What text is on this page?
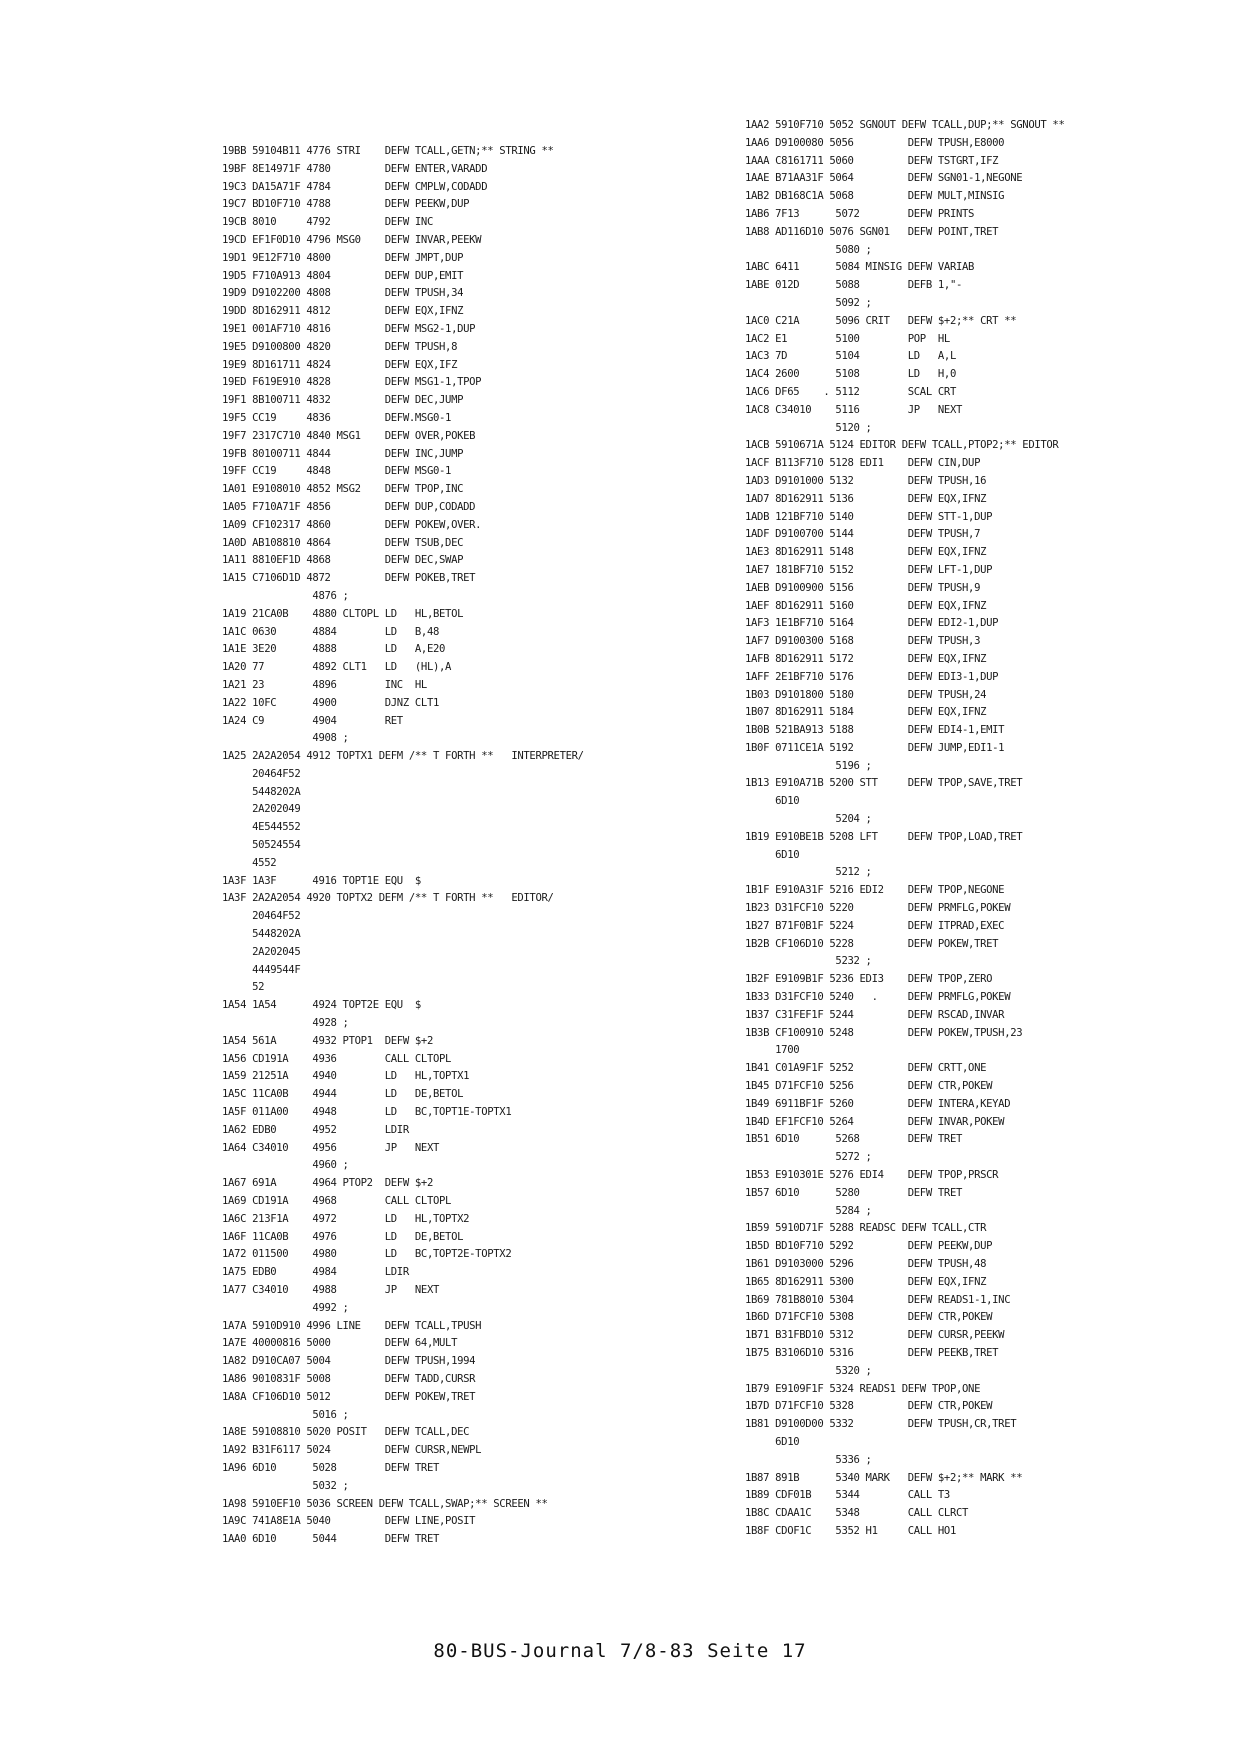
19BB 59104B11 4776 STRI    DEFW TCALL,GETN;** STRING **
19BF 8E14971F 4780         DEFW ENTER,VARADD
19C3 DA15A71F 4784         DEFW CMPLW,CODADD
19C7 BD10F710 4788         DEFW PEEKW,DUP
19CB 8010     4792         DEFW INC
19CD EF1F0D10 4796 MSG0    DEFW INVAR,PEEKW
19D1 9E12F710 4800         DEFW JMPT,DUP
19D5 F710A913 4804         DEFW DUP,EMIT
19D9 D9102200 4808         DEFW TPUSH,34
19DD 8D162911 4812         DEFW EQX,IFNZ
19E1 001AF710 4816         DEFW MSG2-1,DUP
19E5 D9100800 4820         DEFW TPUSH,8
19E9 8D161711 4824         DEFW EQX,IFZ
19ED F619E910 4828         DEFW MSG1-1,TPOP
19F1 8B100711 4832         DEFW DEC,JUMP
19F5 CC19     4836         DEFW.MSG0-1
19F7 2317C710 4840 MSG1    DEFW OVER,POKEB
19FB 80100711 4844         DEFW INC,JUMP
19FF CC19     4848         DEFW MSG0-1
1A01 E9108010 4852 MSG2    DEFW TPOP,INC
1A05 F710A71F 4856         DEFW DUP,CODADD
1A09 CF102317 4860         DEFW POKEW,OVER.
1A0D AB108810 4864         DEFW TSUB,DEC
1A11 8810EF1D 4868         DEFW DEC,SWAP
1A15 C7106D1D 4872         DEFW POKEB,TRET
4876 ;
1A19 21CA0B    4880 CLTOPL LD   HL,BETOL
1A1C 0630      4884        LD   B,48
1A1E 3E20      4888        LD   A,E20
1A20 77        4892 CLT1   LD   (HL),A
1A21 23        4896        INC  HL
1A22 10FC      4900        DJNZ CLT1
1A24 C9        4904        RET
4908 ;
1A25 2A2A2054 4912 TOPTX1 DEFM /** T FORTH **   INTERPRETER/
20464F52
5448202A
2A202049
4E544552
50524554
4552
1A3F 1A3F      4916 TOPT1E EQU  $
1A3F 2A2A2054 4920 TOPTX2 DEFM /** T FORTH **   EDITOR/
20464F52
5448202A
2A202045
4449544F
52
1A54 1A54      4924 TOPT2E EQU  $
4928 ;
1A54 561A      4932 PTOP1  DEFW $+2
1A56 CD191A    4936        CALL CLTOPL
1A59 21251A    4940        LD   HL,TOPTX1
1A5C 11CA0B    4944        LD   DE,BETOL
1A5F 011A00    4948        LD   BC,TOPT1E-TOPTX1
1A62 EDB0      4952        LDIR
1A64 C34010    4956        JP   NEXT
4960 ;
1A67 691A      4964 PTOP2  DEFW $+2
1A69 CD191A    4968        CALL CLTOPL
1A6C 213F1A    4972        LD   HL,TOPTX2
1A6F 11CA0B    4976        LD   DE,BETOL
1A72 011500    4980        LD   BC,TOPT2E-TOPTX2
1A75 EDB0      4984        LDIR
1A77 C34010    4988        JP   NEXT
4992 ;
1A7A 5910D910 4996 LINE    DEFW TCALL,TPUSH
1A7E 40000816 5000         DEFW 64,MULT
1A82 D910CA07 5004         DEFW TPUSH,1994
1A86 9010831F 5008         DEFW TADD,CURSR
1A8A CF106D10 5012         DEFW POKEW,TRET
5016 ;
1A8E 59108810 5020 POSIT   DEFW TCALL,DEC
1A92 B31F6117 5024         DEFW CURSR,NEWPL
1A96 6D10      5028        DEFW TRET
5032 ;
1A98 5910EF10 5036 SCREEN DEFW TCALL,SWAP;** SCREEN **
1A9C 741A8E1A 5040         DEFW LINE,POSIT
1AA0 6D10      5044        DEFW TRET
1AA2 5910F710 5052 SGNOUT DEFW TCALL,DUP;** SGNOUT **
1AA6 D9100080 5056         DEFW TPUSH,E8000
1AAA C8161711 5060         DEFW TSTGRT,IFZ
1AAE B71AA31F 5064         DEFW SGN01-1,NEGONE
1AB2 DB168C1A 5068         DEFW MULT,MINSIG
1AB6 7F13      5072        DEFW PRINTS
1AB8 AD116D10 5076 SGN01   DEFW POINT,TRET
5080 ;
1ABC 6411      5084 MINSIG DEFW VARIAB
1ABE 012D      5088        DEFB 1,"-
5092 ;
1AC0 C21A      5096 CRIT   DEFW $+2;** CRT **
1AC2 E1        5100        POP  HL
1AC3 7D        5104        LD   A,L
1AC4 2600      5108        LD   H,0
1AC6 DF65    . 5112        SCAL CRT
1AC8 C34010    5116        JP   NEXT
5120 ;
1ACB 5910671A 5124 EDITOR DEFW TCALL,PTOP2;** EDITOR
1ACF B113F710 5128 EDI1    DEFW CIN,DUP
1AD3 D9101000 5132         DEFW TPUSH,16
1AD7 8D162911 5136         DEFW EQX,IFNZ
1ADB 121BF710 5140         DEFW STT-1,DUP
1ADF D9100700 5144         DEFW TPUSH,7
1AE3 8D162911 5148         DEFW EQX,IFNZ
1AE7 181BF710 5152         DEFW LFT-1,DUP
1AEB D9100900 5156         DEFW TPUSH,9
1AEF 8D162911 5160         DEFW EQX,IFNZ
1AF3 1E1BF710 5164         DEFW EDI2-1,DUP
1AF7 D9100300 5168         DEFW TPUSH,3
1AFB 8D162911 5172         DEFW EQX,IFNZ
1AFF 2E1BF710 5176         DEFW EDI3-1,DUP
1B03 D9101800 5180         DEFW TPUSH,24
1B07 8D162911 5184         DEFW EQX,IFNZ
1B0B 521BA913 5188         DEFW EDI4-1,EMIT
1B0F 0711CE1A 5192         DEFW JUMP,EDI1-1
5196 ;
1B13 E910A71B 5200 STT     DEFW TPOP,SAVE,TRET
6D10
5204 ;
1B19 E910BE1B 5208 LFT     DEFW TPOP,LOAD,TRET
6D10
5212 ;
1B1F E910A31F 5216 EDI2    DEFW TPOP,NEGONE
1B23 D31FCF10 5220         DEFW PRMFLG,POKEW
1B27 B71F0B1F 5224         DEFW ITPRAD,EXEC
1B2B CF106D10 5228         DEFW POKEW,TRET
5232 ;
1B2F E9109B1F 5236 EDI3    DEFW TPOP,ZERO
1B33 D31FCF10 5240   .     DEFW PRMFLG,POKEW
1B37 C31FEF1F 5244         DEFW RSCAD,INVAR
1B3B CF100910 5248         DEFW POKEW,TPUSH,23
1700
1B41 C01A9F1F 5252         DEFW CRTT,ONE
1B45 D71FCF10 5256         DEFW CTR,POKEW
1B49 6911BF1F 5260         DEFW INTERA,KEYAD
1B4D EF1FCF10 5264         DEFW INVAR,POKEW
1B51 6D10      5268        DEFW TRET
5272 ;
1B53 E910301E 5276 EDI4    DEFW TPOP,PRSCR
1B57 6D10      5280        DEFW TRET
5284 ;
1B59 5910D71F 5288 READSC DEFW TCALL,CTR
1B5D BD10F710 5292         DEFW PEEKW,DUP
1B61 D9103000 5296         DEFW TPUSH,48
1B65 8D162911 5300         DEFW EQX,IFNZ
1B69 781B8010 5304         DEFW READS1-1,INC
1B6D D71FCF10 5308         DEFW CTR,POKEW
1B71 B31FBD10 5312         DEFW CURSR,PEEKW
1B75 B3106D10 5316         DEFW PEEKB,TRET
5320 ;
1B79 E9109F1F 5324 READS1 DEFW TPOP,ONE
1B7D D71FCF10 5328         DEFW CTR,POKEW
1B81 D9100D00 5332         DEFW TPUSH,CR,TRET
6D10
5336 ;
1B87 891B      5340 MARK   DEFW $+2;** MARK **
1B89 CDF01B    5344        CALL T3
1B8C CDAA1C    5348        CALL CLRCT
1B8F CDOF1C    5352 H1     CALL HO1
80-BUS-Journal 7/8-83 Seite 17
